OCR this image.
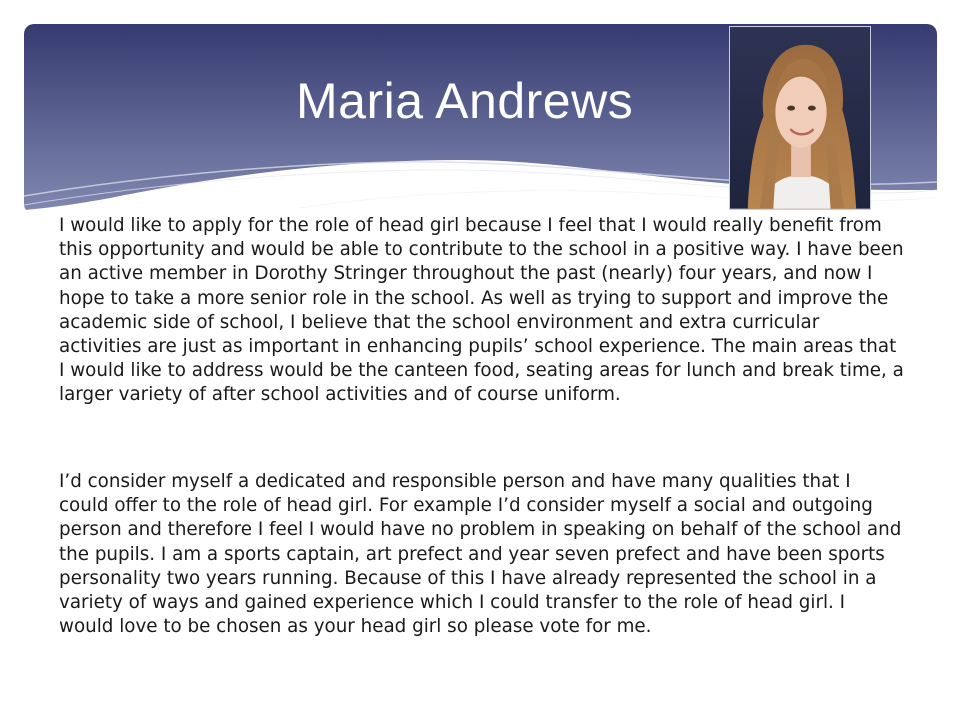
Maria Andrews

I would like to apply for the role of head girl because I feel that I would really benefit from this opportunity and would be able to contribute to the school in a positive way. I have been an active member in Dorothy Stringer throughout the past (nearly) four years, and now I hope to take a more senior role in the school. As well as trying to support and improve the academic side of school, I believe that the school environment and extra curricular activities are just as important in enhancing pupils’ school experience. The main areas that I would like to address would be the canteen food, seating areas for lunch and break time, a larger variety of after school activities and of course uniform.

I’d consider myself a dedicated and responsible person and have many qualities that I could offer to the role of head girl. For example I’d consider myself a social and outgoing person and therefore I feel I would have no problem in speaking on behalf of the school and the pupils. I am a sports captain, art prefect and year seven prefect and have been sports personality two years running. Because of this I have already represented the school in a variety of ways and gained experience which I could transfer to the role of head girl. I would love to be chosen as your head girl so please vote for me.
